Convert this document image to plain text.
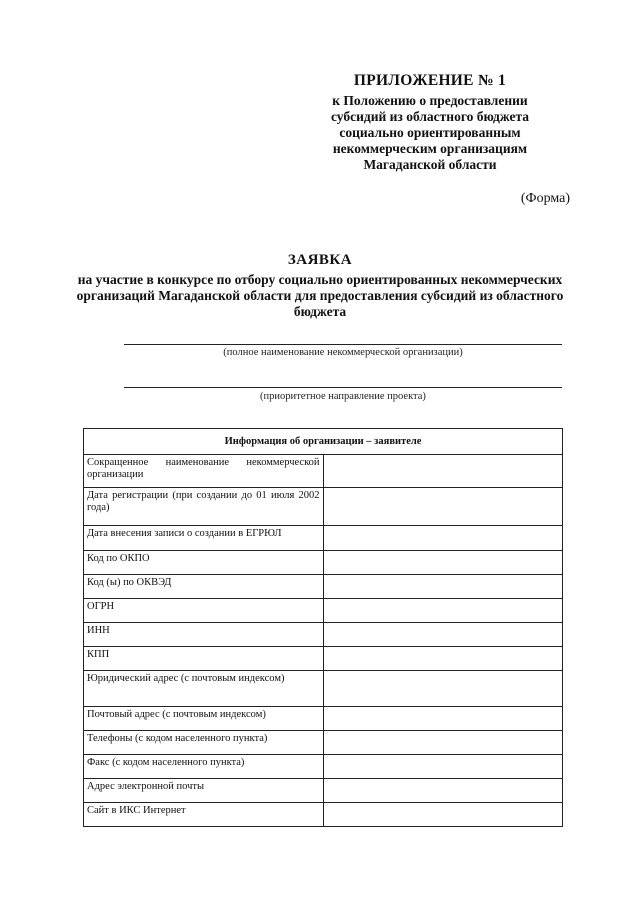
ПРИЛОЖЕНИЕ № 1
к Положению о предоставлении
субсидий из областного бюджета
социально ориентированным
некоммерческим организациям
Магаданской области
(Форма)
ЗАЯВКА
на участие в конкурсе по отбору социально ориентированных некоммерческих организаций Магаданской области для предоставления субсидий из областного бюджета
(полное наименование некоммерческой организации)
(приоритетное направление проекта)
Информация об организации – заявителе	
Сокращенное наименование некоммерческой организации	
Дата регистрации (при создании до 01 июля 2002 года)	
Дата внесения записи о создании в ЕГРЮЛ	
Код по ОКПО	
Код (ы) по ОКВЭД	
ОГРН	
ИНН	
КПП	
Юридический адрес (с почтовым индексом)	
Почтовый адрес (с почтовым индексом)	
Телефоны (с кодом населенного пункта)	
Факс (с кодом населенного пункта)	
Адрес электронной почты	
Сайт в ИКС Интернет	
